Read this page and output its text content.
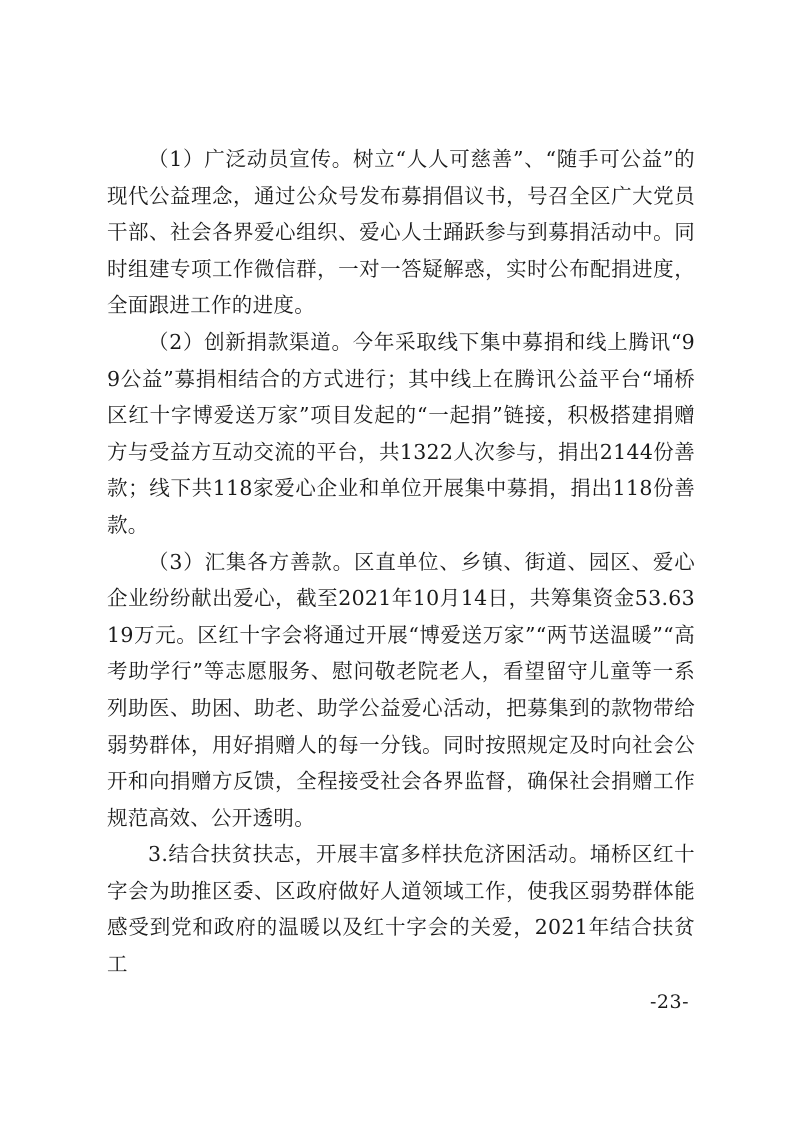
（1）广泛动员宣传。树立“人人可慈善”、“随手可公益”的现代公益理念，通过公众号发布募捐倡议书，号召全区广大党员干部、社会各界爱心组织、爱心人士踊跃参与到募捐活动中。同时组建专项工作微信群，一对一答疑解惑，实时公布配捐进度，全面跟进工作的进度。

（2）创新捐款渠道。今年采取线下集中募捐和线上腾讯“99公益”募捐相结合的方式进行；其中线上在腾讯公益平台“埇桥区红十字博爱送万家”项目发起的“一起捐”链接，积极搭建捐赠方与受益方互动交流的平台，共1322人次参与，捐出2144份善款；线下共118家爱心企业和单位开展集中募捐，捐出118份善款。

（3）汇集各方善款。区直单位、乡镇、街道、园区、爱心企业纷纷献出爱心，截至2021年10月14日，共筹集资金53.6319万元。区红十字会将通过开展“博爱送万家”“两节送温暖”“高考助学行”等志愿服务、慰问敬老院老人，看望留守儿童等一系列助医、助困、助老、助学公益爱心活动，把募集到的款物带给弱势群体，用好捐赠人的每一分钱。同时按照规定及时向社会公开和向捐赠方反馈，全程接受社会各界监督，确保社会捐赠工作规范高效、公开透明。

3.结合扶贫扶志，开展丰富多样扶危济困活动。埇桥区红十字会为助推区委、区政府做好人道领域工作，使我区弱势群体能感受到党和政府的温暖以及红十字会的关爱，2021年结合扶贫工

-23-
